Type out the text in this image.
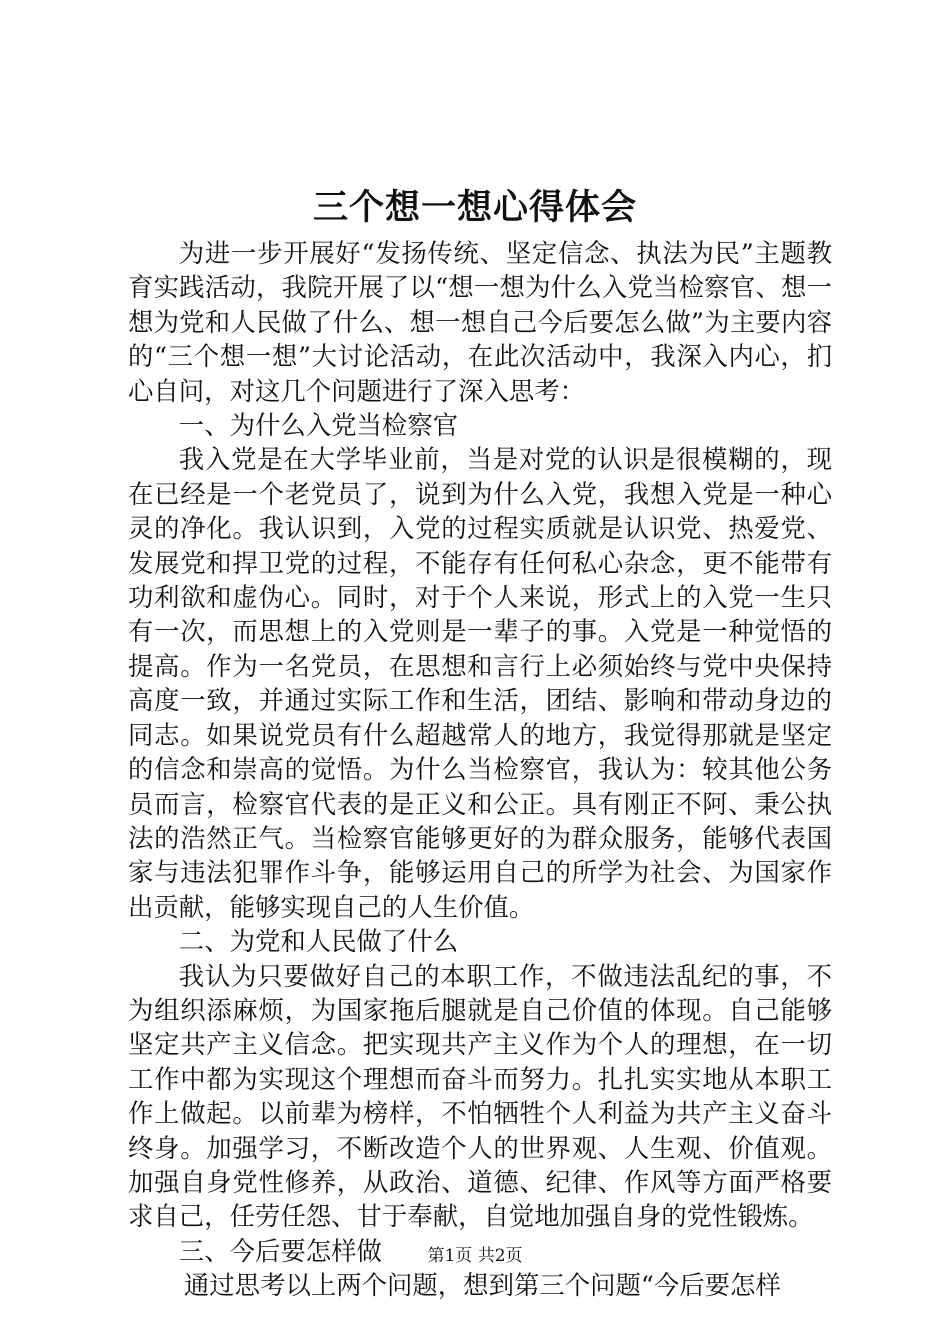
三个想一想心得体会

为进一步开展好“发扬传统、坚定信念、执法为民”主题教育实践活动，我院开展了以“想一想为什么入党当检察官、想一想为党和人民做了什么、想一想自己今后要怎么做”为主要内容的“三个想一想”大讨论活动，在此次活动中，我深入内心，扪心自问，对这几个问题进行了深入思考：

一、为什么入党当检察官

我入党是在大学毕业前，当是对党的认识是很模糊的，现在已经是一个老党员了，说到为什么入党，我想入党是一种心灵的净化。我认识到，入党的过程实质就是认识党、热爱党、发展党和捍卫党的过程，不能存有任何私心杂念，更不能带有功利欲和虚伪心。同时，对于个人来说，形式上的入党一生只有一次，而思想上的入党则是一辈子的事。入党是一种觉悟的提高。作为一名党员，在思想和言行上必须始终与党中央保持高度一致，并通过实际工作和生活，团结、影响和带动身边的同志。如果说党员有什么超越常人的地方，我觉得那就是坚定的信念和崇高的觉悟。为什么当检察官，我认为：较其他公务员而言，检察官代表的是正义和公正。具有刚正不阿、秉公执法的浩然正气。当检察官能够更好的为群众服务，能够代表国家与违法犯罪作斗争，能够运用自己的所学为社会、为国家作出贡献，能够实现自己的人生价值。

二、为党和人民做了什么

我认为只要做好自己的本职工作，不做违法乱纪的事，不为组织添麻烦，为国家拖后腿就是自己价值的体现。自己能够坚定共产主义信念。把实现共产主义作为个人的理想，在一切工作中都为实现这个理想而奋斗而努力。扎扎实实地从本职工作上做起。以前辈为榜样，不怕牺牲个人利益为共产主义奋斗终身。加强学习，不断改造个人的世界观、人生观、价值观。加强自身党性修养，从政治、道德、纪律、作风等方面严格要求自己，任劳任怨、甘于奉献，自觉地加强自身的党性锻炼。

三、今后要怎样做

通过思考以上两个问题，想到第三个问题“今后要怎样

第1页 共2页
